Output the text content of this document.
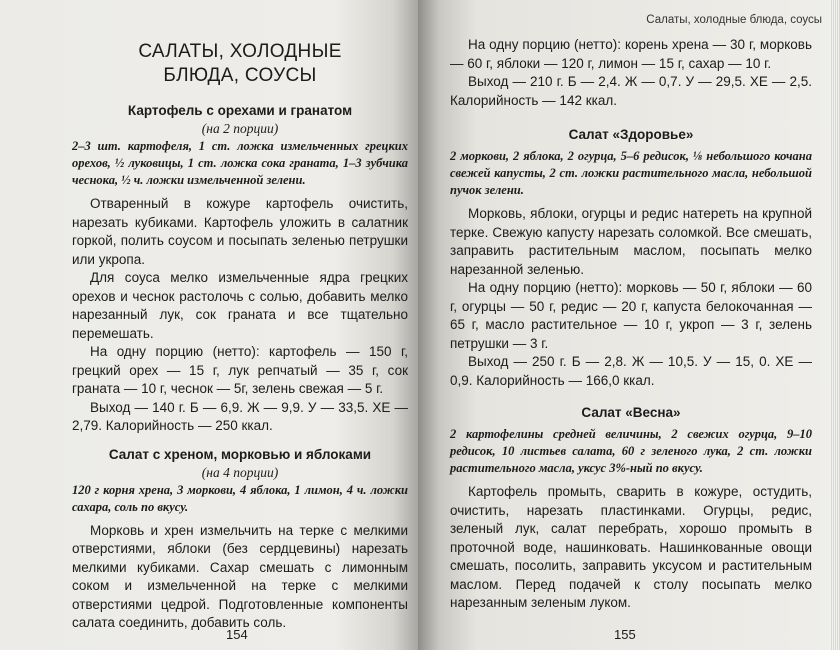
САЛАТЫ, ХОЛОДНЫЕ БЛЮДА, СОУСЫ

Картофель с орехами и гранатом

(на 2 порции)

2–3 шт. картофеля, 1 ст. ложка измельченных грецких орехов, ½ луковицы, 1 ст. ложка сока граната, 1–3 зубчика чеснока, ½ ч. ложки измельченной зелени.

Отваренный в кожуре картофель очистить, нарезать кубиками. Картофель уложить в салатник горкой, полить соусом и посыпать зеленью петрушки или укропа.

Для соуса мелко измельченные ядра грецких орехов и чеснок растолочь с солью, добавить мелко нарезанный лук, сок граната и все тщательно перемешать.

На одну порцию (нетто): картофель — 150 г, грецкий орех — 15 г, лук репчатый — 35 г, сок граната — 10 г, чеснок — 5г, зелень свежая — 5 г.

Выход — 140 г. Б — 6,9. Ж — 9,9. У — 33,5. ХЕ — 2,79. Калорийность — 250 ккал.

Салат с хреном, морковью и яблоками

(на 4 порции)

120 г корня хрена, 3 моркови, 4 яблока, 1 лимон, 4 ч. ложки сахара, соль по вкусу.

Морковь и хрен измельчить на терке с мелкими отверстиями, яблоки (без сердцевины) нарезать мелкими кубиками. Сахар смешать с лимонным соком и измельченной на терке с мелкими отверстиями цедрой. Подготовленные компоненты салата соединить, добавить соль.

154

Салаты, холодные блюда, соусы

На одну порцию (нетто): корень хрена — 30 г, морковь — 60 г, яблоки — 120 г, лимон — 15 г, сахар — 10 г.

Выход — 210 г. Б — 2,4. Ж — 0,7. У — 29,5. ХЕ — 2,5. Калорийность — 142 ккал.

Салат «Здоровье»

2 моркови, 2 яблока, 2 огурца, 5–6 редисок, ⅛ небольшого кочана свежей капусты, 2 ст. ложки растительного масла, небольшой пучок зелени.

Морковь, яблоки, огурцы и редис натереть на крупной терке. Свежую капусту нарезать соломкой. Все смешать, заправить растительным маслом, посыпать мелко нарезанной зеленью.

На одну порцию (нетто): морковь — 50 г, яблоки — 60 г, огурцы — 50 г, редис — 20 г, капуста белокочанная — 65 г, масло растительное — 10 г, укроп — 3 г, зелень петрушки — 3 г.

Выход — 250 г. Б — 2,8. Ж — 10,5. У — 15, 0. ХЕ — 0,9. Калорийность — 166,0 ккал.

Салат «Весна»

2 картофелины средней величины, 2 свежих огурца, 9–10 редисок, 10 листьев салата, 60 г зеленого лука, 2 ст. ложки растительного масла, уксус 3%-ный по вкусу.

Картофель промыть, сварить в кожуре, остудить, очистить, нарезать пластинками. Огурцы, редис, зеленый лук, салат перебрать, хорошо промыть в проточной воде, нашинковать. Нашинкованные овощи смешать, посолить, заправить уксусом и растительным маслом. Перед подачей к столу посыпать мелко нарезанным зеленым луком.

155
